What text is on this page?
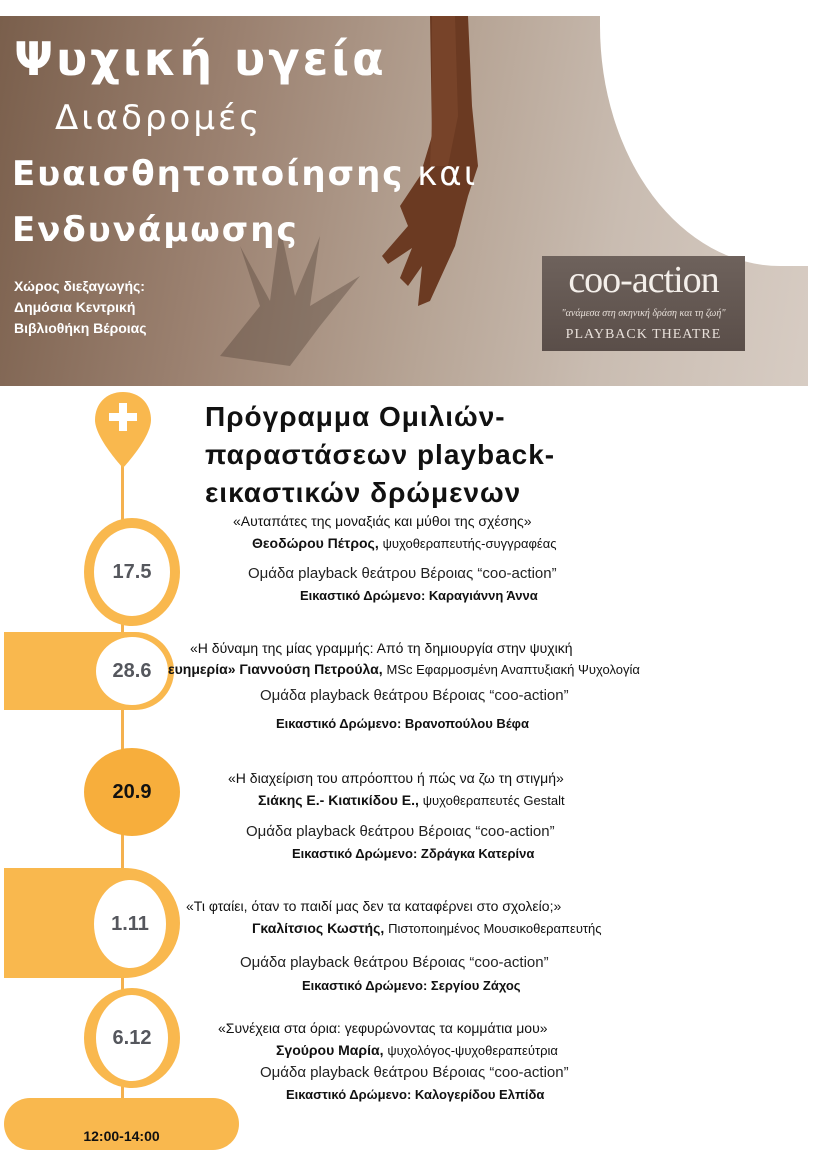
Ψυχική υγεία
Διαδρομές
Ευαισθητοποίησης και
Ενδυνάμωσης
Χώρος διεξαγωγής:
Δημόσια Κεντρική
Βιβλιοθήκη Βέροιας
coo-action
"ανάμεσα στη σκηνική δράση και τη ζωή"
PLAYBACK THEATRE
Πρόγραμμα Ομιλιών-
παραστάσεων playback-
εικαστικών δρώμενων
17.5
«Αυταπάτες της μοναξιάς και μύθοι της σχέσης»
Θεοδώρου Πέτρος, ψυχοθεραπευτής-συγγραφέας
Ομάδα playback θεάτρου Βέροιας “coo-action”
Εικαστικό Δρώμενο: Καραγιάννη Άννα
28.6
«Η δύναμη της μίας γραμμής: Από τη δημιουργία στην ψυχική
ευημερία» Γιαννούση Πετρούλα, MSc Εφαρμοσμένη Αναπτυξιακή Ψυχολογία
Ομάδα playback θεάτρου Βέροιας “coo-action”
Εικαστικό Δρώμενο: Βρανοπούλου Βέφα
20.9
«Η διαχείριση του απρόοπτου ή πώς να ζω τη στιγμή»
Σιάκης Ε.- Κιατικίδου Ε., ψυχοθεραπευτές Gestalt
Ομάδα playback θεάτρου Βέροιας “coo-action”
Εικαστικό Δρώμενο: Ζδράγκα Κατερίνα
1.11
«Τι φταίει, όταν το παιδί μας δεν τα καταφέρνει στο σχολείο;»
Γκαλίτσιος Κωστής, Πιστοποιημένος Μουσικοθεραπευτής
Ομάδα playback θεάτρου Βέροιας “coo-action”
Εικαστικό Δρώμενο: Σεργίου Ζάχος
6.12	«Συνέχεια στα όρια: γεφυρώνοντας τα κομμάτια μου»
Σγούρου Μαρία, ψυχολόγος-ψυχοθεραπεύτρια
Ομάδα playback θεάτρου Βέροιας “coo-action”
Εικαστικό Δρώμενο: Καλογερίδου Ελπίδα
12:00-14:00
